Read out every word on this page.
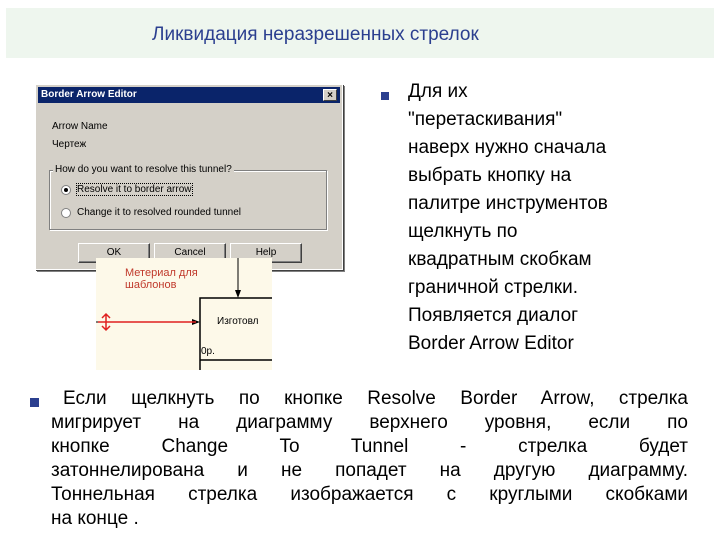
Ликвидация неразрешенных стрелок
Border Arrow Editor	×
Arrow Name
Чертеж
How do you want to resolve this tunnel?
Resolve it to border arrow
Change it to resolved rounded tunnel
OK	Cancel	Help
Метериал для шаблонов
Изготовл
0р.
Для их
"перетаскивания"
наверх нужно сначала
выбрать кнопку на
палитре инструментов
щелкнуть по
квадратным скобкам
граничной стрелки.
Появляется диалог
Border Arrow Editor
Если щелкнуть по кнопке Resolve Border Arrow, стрелка
мигрирует на диаграмму верхнего уровня, если по
кнопке Change To Tunnel - стрелка будет
затоннелирована и не попадет на другую диаграмму.
Тоннельная стрелка изображается с круглыми скобками
на конце .
